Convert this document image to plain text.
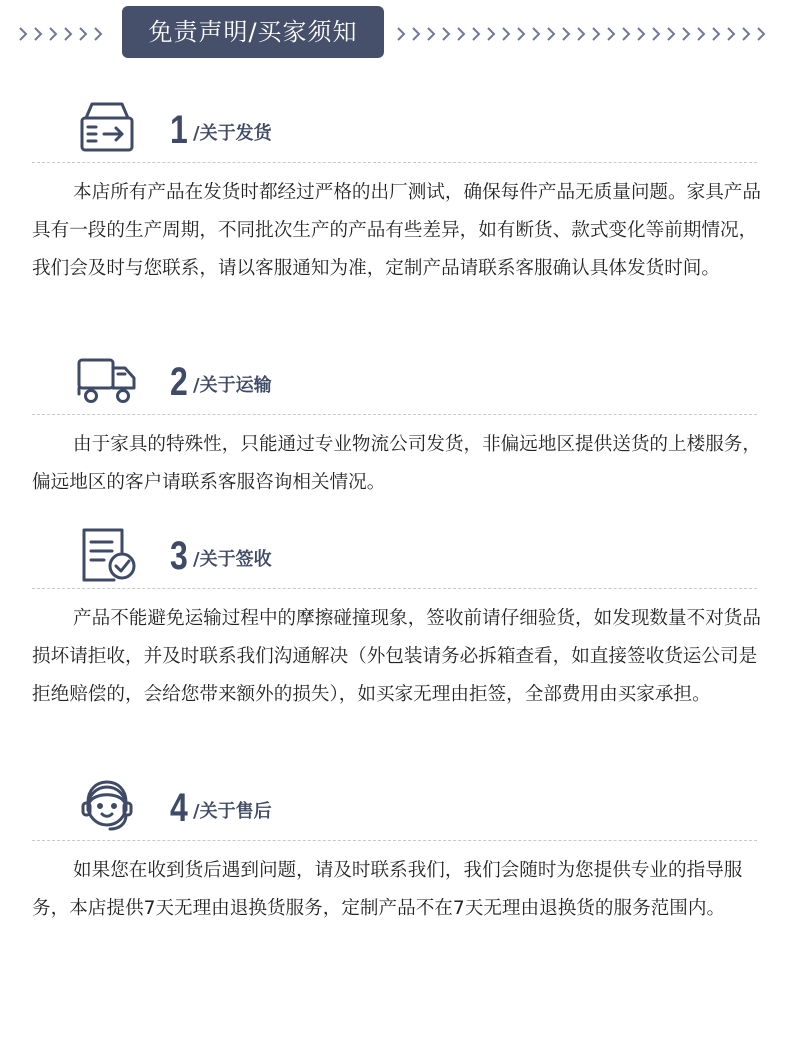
免责声明/买家须知
1 /关于发货

本店所有产品在发货时都经过严格的出厂测试，确保每件产品无质量问题。家具产品具有一段的生产周期，不同批次生产的产品有些差异，如有断货、款式变化等前期情况，我们会及时与您联系，请以客服通知为准，定制产品请联系客服确认具体发货时间。

2 /关于运输

由于家具的特殊性，只能通过专业物流公司发货，非偏远地区提供送货的上楼服务，偏远地区的客户请联系客服咨询相关情况。

3 /关于签收

产品不能避免运输过程中的摩擦碰撞现象，签收前请仔细验货，如发现数量不对货品损坏请拒收，并及时联系我们沟通解决（外包装请务必拆箱查看，如直接签收货运公司是拒绝赔偿的，会给您带来额外的损失），如买家无理由拒签，全部费用由买家承担。

4 /关于售后

如果您在收到货后遇到问题，请及时联系我们，我们会随时为您提供专业的指导服务，本店提供7天无理由退换货服务，定制产品不在7天无理由退换货的服务范围内。
